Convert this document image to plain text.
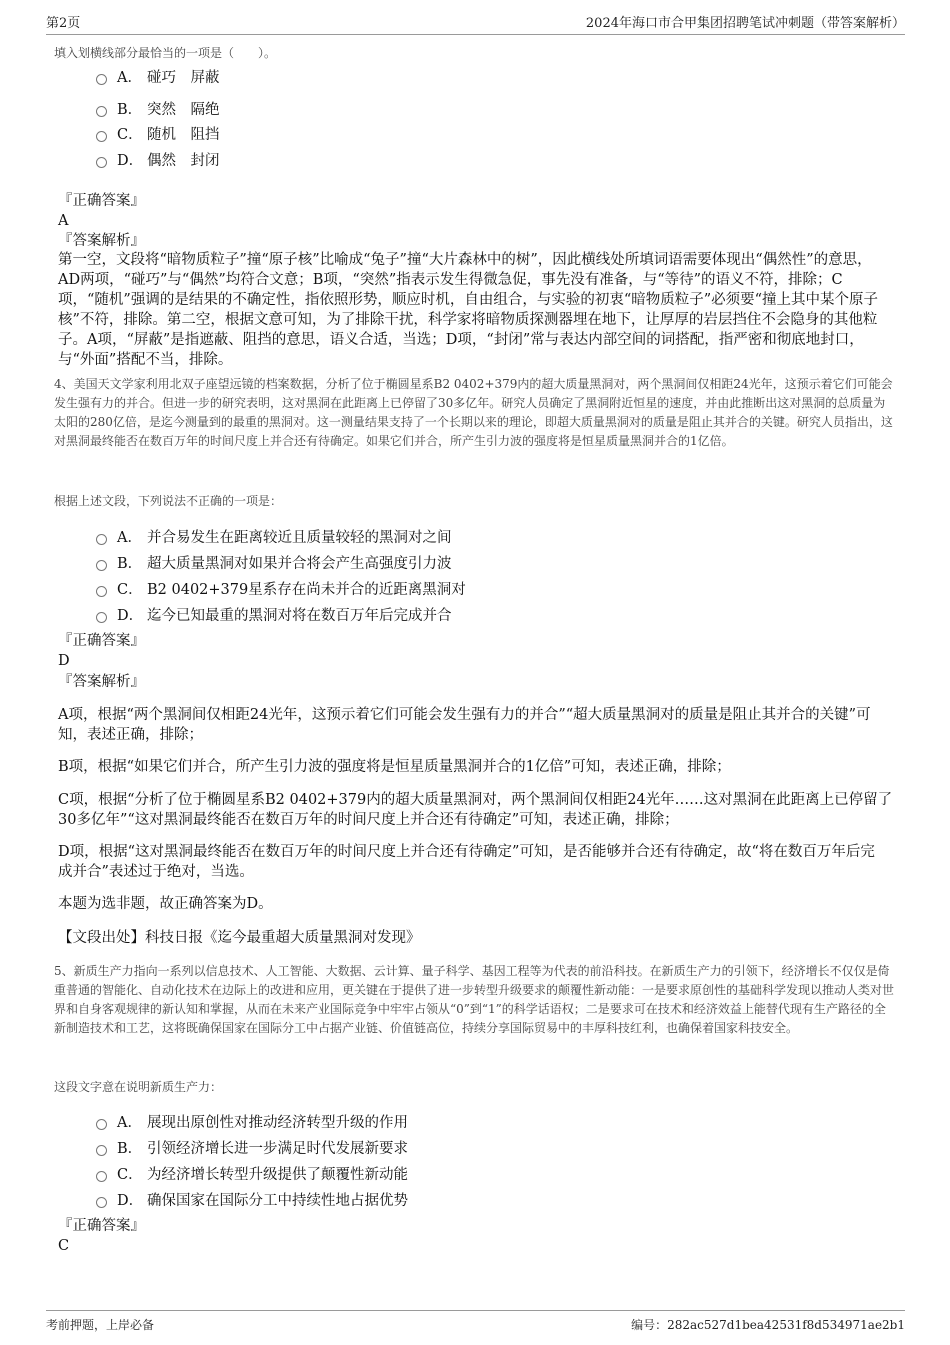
第2页	2024年海口市合甲集团招聘笔试冲刺题（带答案解析）
填入划横线部分最恰当的一项是（　　）。
A． 碰巧　屏蔽
B． 突然　隔绝
C． 随机　阻挡
D． 偶然　封闭
『正确答案』
A
『答案解析』
第一空，文段将“暗物质粒子”撞“原子核”比喻成“兔子”撞“大片森林中的树”，因此横线处所填词语需要体现出“偶然性”的意思，AD两项，“碰巧”与“偶然”均符合文意；B项，“突然”指表示发生得微急促，事先没有准备，与“等待”的语义不符，排除；C项，“随机”强调的是结果的不确定性，指依照形势，顺应时机，自由组合，与实验的初衷“暗物质粒子”必须要“撞上其中某个原子核”不符，排除。第二空，根据文意可知，为了排除干扰，科学家将暗物质探测器埋在地下，让厚厚的岩层挡住不会隐身的其他粒子。A项，“屏蔽”是指遮蔽、阻挡的意思，语义合适，当选；D项，“封闭”常与表达内部空间的词搭配，指严密和彻底地封口，与“外面”搭配不当，排除。
4、美国天文学家利用北双子座望远镜的档案数据，分析了位于椭圆星系B2 0402+379内的超大质量黑洞对，两个黑洞间仅相距24光年，这预示着它们可能会发生强有力的并合。但进一步的研究表明，这对黑洞在此距离上已停留了30多亿年。研究人员确定了黑洞附近恒星的速度，并由此推断出这对黑洞的总质量为太阳的280亿倍，是迄今测量到的最重的黑洞对。这一测量结果支持了一个长期以来的理论，即超大质量黑洞对的质量是阻止其并合的关键。研究人员指出，这对黑洞最终能否在数百万年的时间尺度上并合还有待确定。如果它们并合，所产生引力波的强度将是恒星质量黑洞并合的1亿倍。
根据上述文段，下列说法不正确的一项是：
A． 并合易发生在距离较近且质量较轻的黑洞对之间
B． 超大质量黑洞对如果并合将会产生高强度引力波
C． B2 0402+379星系存在尚未并合的近距离黑洞对
D． 迄今已知最重的黑洞对将在数百万年后完成并合
『正确答案』
D
『答案解析』
A项，根据“两个黑洞间仅相距24光年，这预示着它们可能会发生强有力的并合”“超大质量黑洞对的质量是阻止其并合的关键”可知，表述正确，排除；
B项，根据“如果它们并合，所产生引力波的强度将是恒星质量黑洞并合的1亿倍”可知，表述正确，排除；
C项，根据“分析了位于椭圆星系B2 0402+379内的超大质量黑洞对，两个黑洞间仅相距24光年……这对黑洞在此距离上已停留了30多亿年”“这对黑洞最终能否在数百万年的时间尺度上并合还有待确定”可知，表述正确，排除；
D项，根据“这对黑洞最终能否在数百万年的时间尺度上并合还有待确定”可知，是否能够并合还有待确定，故“将在数百万年后完成并合”表述过于绝对，当选。
本题为选非题，故正确答案为D。
【文段出处】科技日报《迄今最重超大质量黑洞对发现》
5、新质生产力指向一系列以信息技术、人工智能、大数据、云计算、量子科学、基因工程等为代表的前沿科技。在新质生产力的引领下，经济增长不仅仅是倚重普通的智能化、自动化技术在边际上的改进和应用，更关键在于提供了进一步转型升级要求的颠覆性新动能：一是要求原创性的基础科学发现以推动人类对世界和自身客观规律的新认知和掌握，从而在未来产业国际竞争中牢牢占领从“0”到“1”的科学话语权；二是要求可在技术和经济效益上能替代现有生产路径的全新制造技术和工艺，这将既确保国家在国际分工中占据产业链、价值链高位，持续分享国际贸易中的丰厚科技红利，也确保着国家科技安全。
这段文字意在说明新质生产力：
A． 展现出原创性对推动经济转型升级的作用
B． 引领经济增长进一步满足时代发展新要求
C． 为经济增长转型升级提供了颠覆性新动能
D． 确保国家在国际分工中持续性地占据优势
『正确答案』
C
考前押题，上岸必备	编号：282ac527d1bea42531f8d534971ae2b1
